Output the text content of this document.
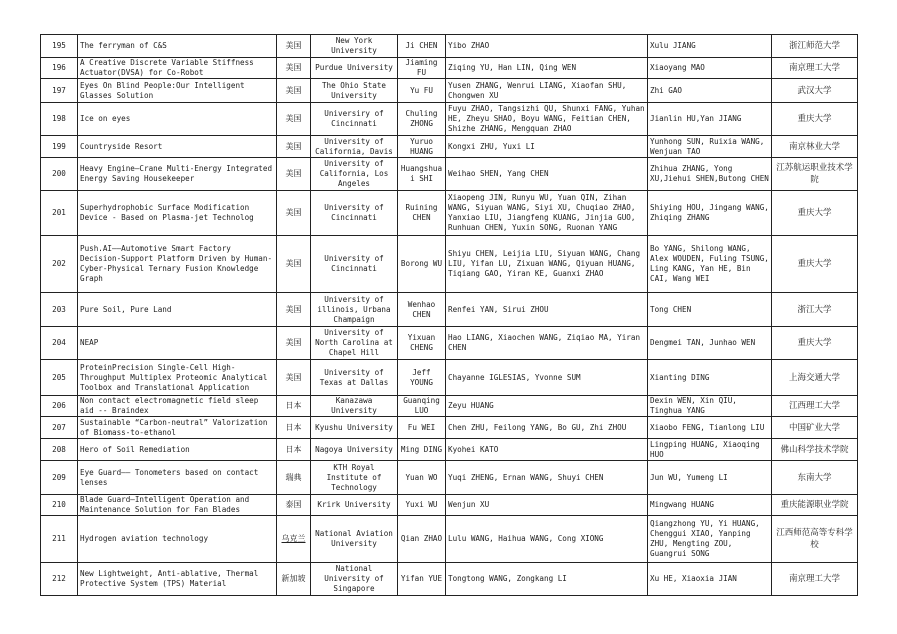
195	The ferryman of C&S	美国	New York University	Ji CHEN	Yibo ZHAO	Xulu JIANG	浙江师范大学
196	A Creative Discrete Variable Stiffness Actuator(DVSA) for Co-Robot	美国	Purdue University	Jiaming FU	Ziqing YU, Han LIN, Qing WEN	Xiaoyang MAO	南京理工大学
197	Eyes On Blind People:Our Intelligent Glasses Solution	美国	The Ohio State University	Yu FU	Yusen ZHANG, Wenrui LIANG, Xiaofan SHU, Chongwen XU	Zhi GAO	武汉大学
198	Ice on eyes	美国	Universiry of Cincinnati	Chuling ZHONG	Fuyu ZHAO, Tangsizhi QU, Shunxi FANG, Yuhan HE, Zheyu SHAO, Boyu WANG, Feitian CHEN, Shizhe ZHANG, Mengquan ZHAO	Jianlin HU,Yan JIANG	重庆大学
199	Countryside Resort	美国	University of California, Davis	Yuruo HUANG	Kongxi ZHU, Yuxi LI	Yunhong SUN, Ruixia WANG, Wenjuan TAO	南京林业大学
200	Heavy Engine—Crane Multi-Energy Integrated Energy Saving Housekeeper	美国	University of California, Los Angeles	Huangshuai SHI	Weihao SHEN, Yang CHEN	Zhihua ZHANG, Yong XU,Jiehui SHEN,Butong CHEN	江苏航运职业技术学院
201	Superhydrophobic Surface Modification Device - Based on Plasma-jet Technolog	美国	University of Cincinnati	Ruining CHEN	Xiaopeng JIN, Runyu WU, Yuan QIN, Zihan WANG, Siyuan WANG, Siyi XU, Chuqiao ZHAO, Yanxiao LIU, Jiangfeng KUANG, Jinjia GUO, Runhuan CHEN, Yuxin SONG, Ruonan YANG	Shiying HOU, Jingang WANG, Zhiqing ZHANG	重庆大学
202	Push.AI——Automotive Smart Factory Decision-Support Platform Driven by Human-Cyber-Physical Ternary Fusion Knowledge Graph	美国	University of Cincinnati	Borong WU	Shiyu CHEN, Leijia LIU, Siyuan WANG, Chang LIU, Yifan LU, Zixuan WANG, Qiyuan HUANG, Tiqiang GAO, Yiran KE, Guanxi ZHAO	Bo YANG, Shilong WANG, Alex WOUDEN, Fuling TSUNG, Ling KANG, Yan HE, Bin CAI, Wang WEI	重庆大学
203	Pure Soil, Pure Land	美国	University of illinois, Urbana Champaign	Wenhao CHEN	Renfei YAN, Sirui ZHOU	Tong CHEN	浙江大学
204	NEAP	美国	University of North Carolina at Chapel Hill	Yixuan CHENG	Hao LIANG, Xiaochen WANG, Ziqiao MA, Yiran CHEN	Dengmei TAN, Junhao WEN	重庆大学
205	ProteinPrecision Single-Cell High-Throughput Multiplex Proteomic Analytical Toolbox and Translational Application	美国	University of Texas at Dallas	Jeff YOUNG	Chayanne IGLESIAS, Yvonne SUM	Xianting DING	上海交通大学
206	Non contact electromagnetic field sleep aid -- Braindex	日本	Kanazawa University	Guanqing LUO	Zeyu HUANG	Dexin WEN, Xin QIU, Tinghua YANG	江西理工大学
207	Sustainable “Carbon-neutral” Valorization of Biomass-to-ethanol	日本	Kyushu University	Fu WEI	Chen ZHU, Feilong YANG, Bo GU, Zhi ZHOU	Xiaobo FENG, Tianlong LIU	中国矿业大学
208	Hero of Soil Remediation	日本	Nagoya University	Ming DING	Kyohei KATO	Lingping HUANG, Xiaoqing HUO	佛山科学技术学院
209	Eye Guard—— Tonometers based on contact lenses	瑞典	KTH Royal Institute of Technology	Yuan WO	Yuqi ZHENG, Ernan WANG, Shuyi CHEN	Jun WU, Yumeng LI	东南大学
210	Blade Guard—Intelligent Operation and Maintenance Solution for Fan Blades	泰国	Krirk University	Yuxi WU	Wenjun XU	Mingwang HUANG	重庆能源职业学院
211	Hydrogen aviation technology	乌克兰	National Aviation University	Qian ZHAO	Lulu WANG, Haihua WANG, Cong XIONG	Qiangzhong YU, Yi HUANG, Chenggui XIAO, Yanping ZHU, Mengting ZOU, Guangrui SONG	江西师范高等专科学校
212	New Lightweight, Anti-ablative, Thermal Protective System (TPS) Material	新加坡	National University of Singapore	Yifan YUE	Tongtong WANG, Zongkang LI	Xu HE, Xiaoxia JIAN	南京理工大学
